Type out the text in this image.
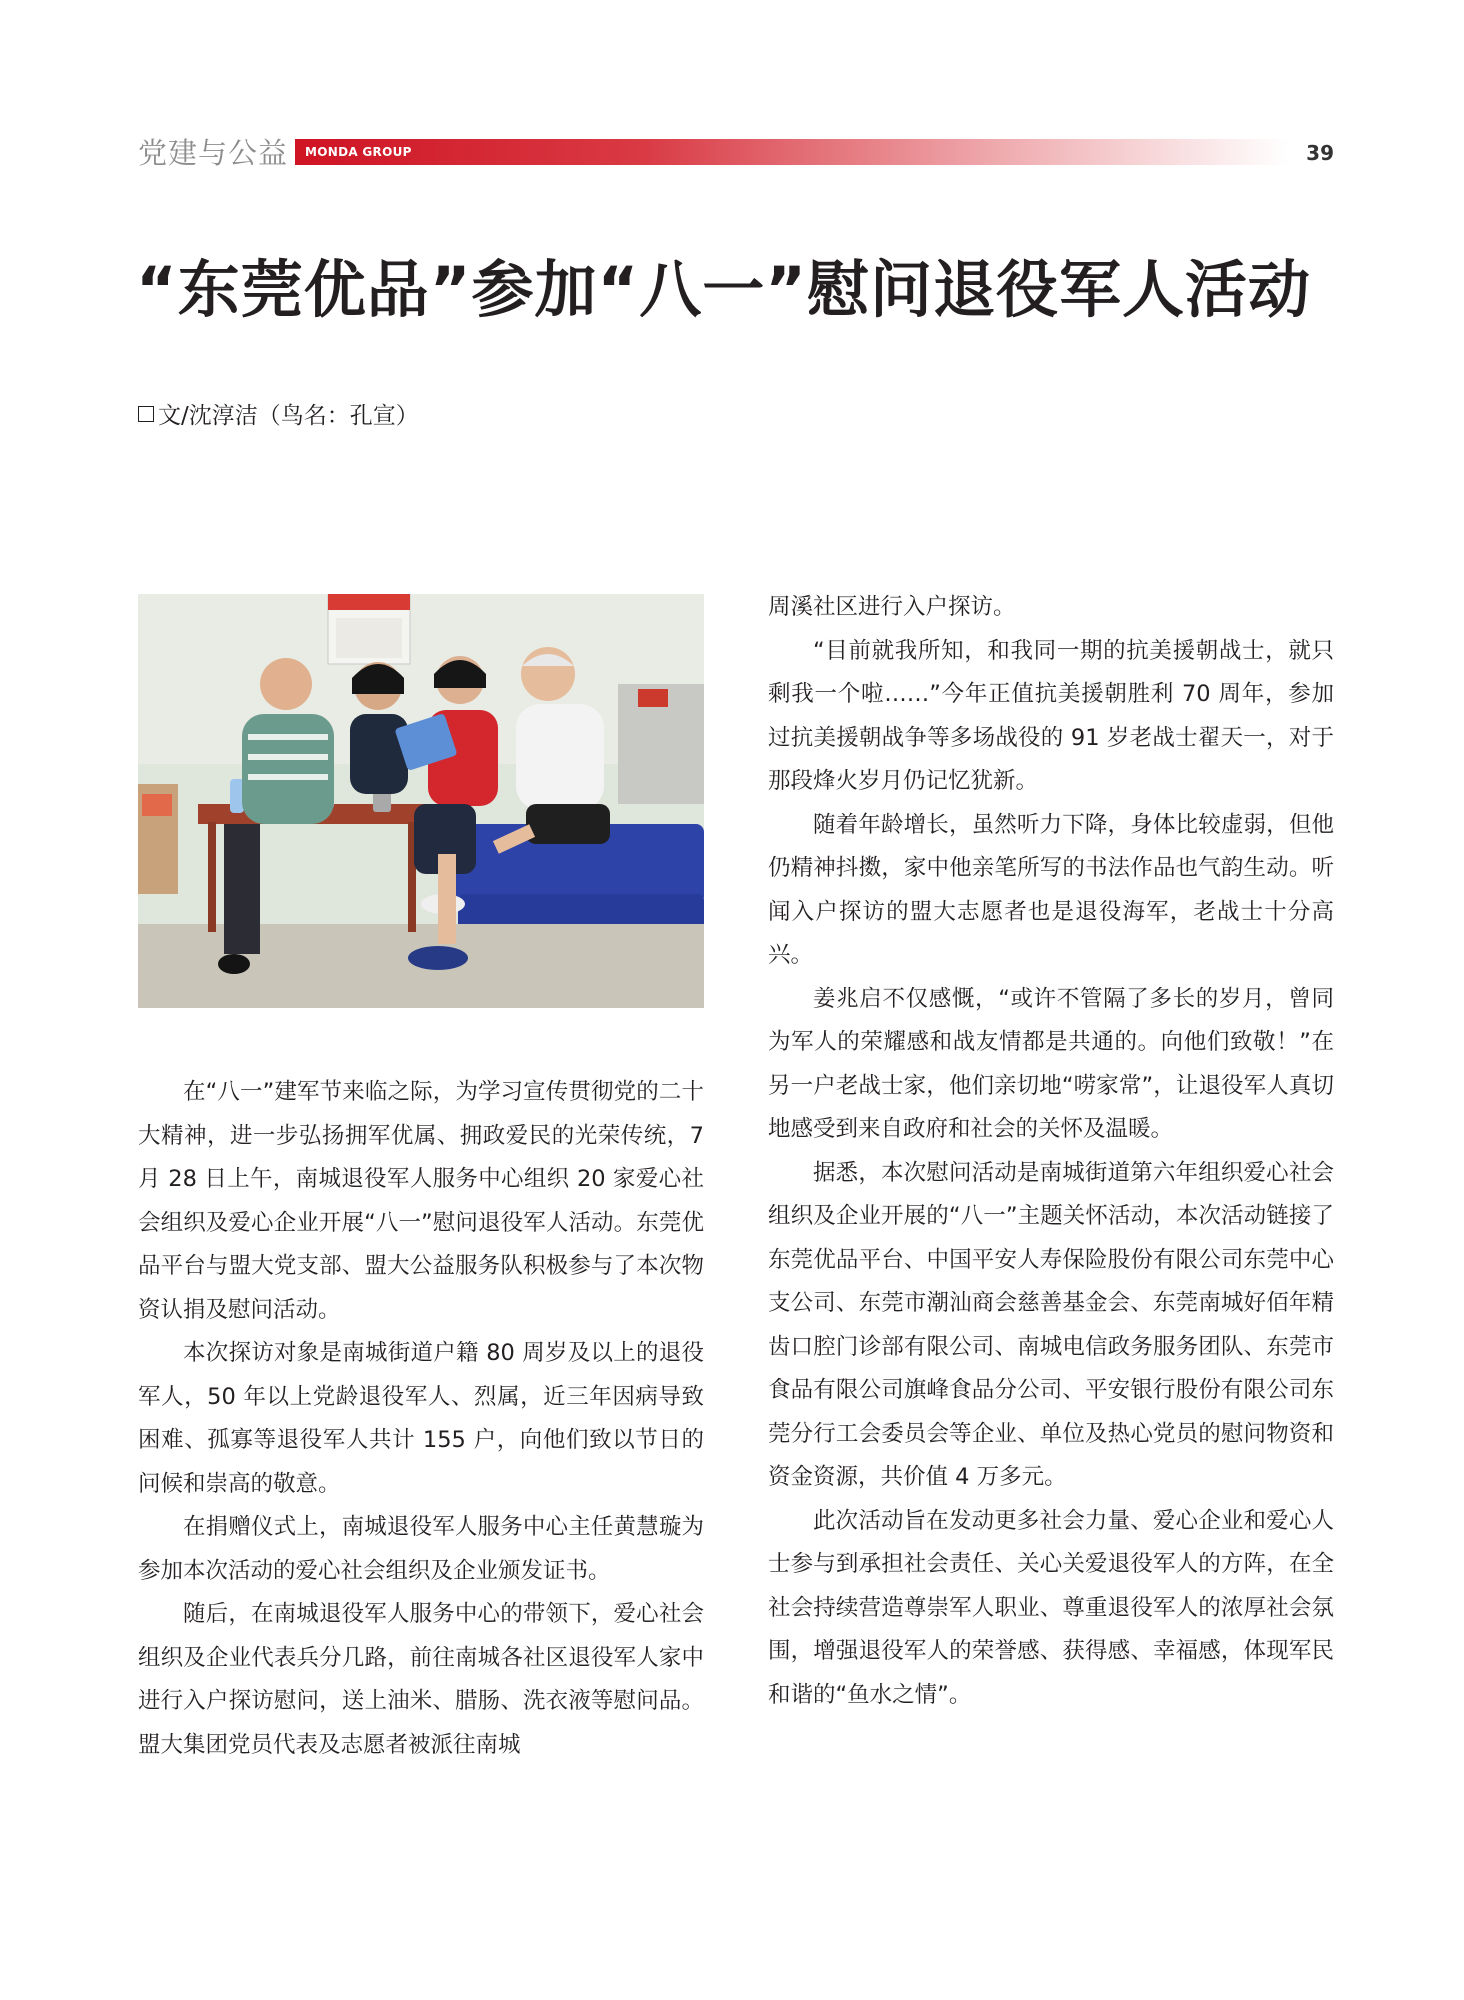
党建与公益 MONDA GROUP	39
“东莞优品”参加“八一”慰问退役军人活动
文/沈淳洁（鸟名：孔宣）

在“八一”建军节来临之际，为学习宣传贯彻党的二十大精神，进一步弘扬拥军优属、拥政爱民的光荣传统，7 月 28 日上午，南城退役军人服务中心组织 20 家爱心社会组织及爱心企业开展“八一”慰问退役军人活动。东莞优品平台与盟大党支部、盟大公益服务队积极参与了本次物资认捐及慰问活动。

本次探访对象是南城街道户籍 80 周岁及以上的退役军人，50 年以上党龄退役军人、烈属，近三年因病导致困难、孤寡等退役军人共计 155 户，向他们致以节日的问候和崇高的敬意。

在捐赠仪式上，南城退役军人服务中心主任黄慧璇为参加本次活动的爱心社会组织及企业颁发证书。

随后，在南城退役军人服务中心的带领下，爱心社会组织及企业代表兵分几路，前往南城各社区退役军人家中进行入户探访慰问，送上油米、腊肠、洗衣液等慰问品。盟大集团党员代表及志愿者被派往南城

周溪社区进行入户探访。

“目前就我所知，和我同一期的抗美援朝战士，就只剩我一个啦……”今年正值抗美援朝胜利 70 周年，参加过抗美援朝战争等多场战役的 91 岁老战士翟天一，对于那段烽火岁月仍记忆犹新。

随着年龄增长，虽然听力下降，身体比较虚弱，但他仍精神抖擞，家中他亲笔所写的书法作品也气韵生动。听闻入户探访的盟大志愿者也是退役海军，老战士十分高兴。

姜兆启不仅感慨，“或许不管隔了多长的岁月，曾同为军人的荣耀感和战友情都是共通的。向他们致敬！”在另一户老战士家，他们亲切地“唠家常”，让退役军人真切地感受到来自政府和社会的关怀及温暖。

据悉，本次慰问活动是南城街道第六年组织爱心社会组织及企业开展的“八一”主题关怀活动，本次活动链接了东莞优品平台、中国平安人寿保险股份有限公司东莞中心支公司、东莞市潮汕商会慈善基金会、东莞南城好佰年精齿口腔门诊部有限公司、南城电信政务服务团队、东莞市食品有限公司旗峰食品分公司、平安银行股份有限公司东莞分行工会委员会等企业、单位及热心党员的慰问物资和资金资源，共价值 4 万多元。

此次活动旨在发动更多社会力量、爱心企业和爱心人士参与到承担社会责任、关心关爱退役军人的方阵，在全社会持续营造尊崇军人职业、尊重退役军人的浓厚社会氛围，增强退役军人的荣誉感、获得感、幸福感，体现军民和谐的“鱼水之情”。
